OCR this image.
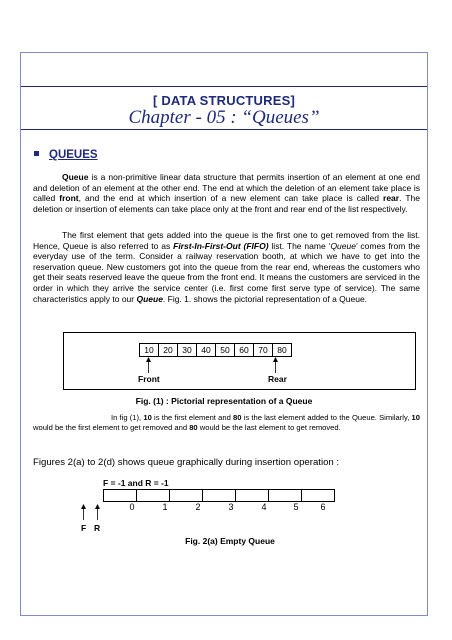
[ DATA STRUCTURES]
Chapter - 05 : “Queues”
QUEUES
Queue is a non-primitive linear data structure that permits insertion of an element at one end and deletion of an element at the other end. The end at which the deletion of an element take place is called front, and the end at which insertion of a new element can take place is called rear. The deletion or insertion of elements can take place only at the front and rear end of the list respectively.
The first element that gets added into the queue is the first one to get removed from the list. Hence, Queue is also referred to as First-In-First-Out (FIFO) list. The name ‘Queue’ comes from the everyday use of the term. Consider a railway reservation booth, at which we have to get into the reservation queue. New customers got into the queue from the rear end, whereas the customers who get their seats reserved leave the queue from the front end. It means the customers are serviced in the order in which they arrive the service center (i.e. first come first serve type of service). The same characteristics apply to our Queue. Fig. 1. shows the pictorial representation of a Queue.
10	20	30	40	50	60	70	80
Front	Rear
Fig. (1) : Pictorial representation of a Queue
In fig (1), 10 is the first element and 80 is the last element added to the Queue. Similarly, 10 would be the first element to get removed and 80 would be the last element to get removed.
Figures 2(a) to 2(d) shows queue graphically during insertion operation :
F = -1 and R = -1
0	1	2	3	4	5 6
F R
Fig. 2(a) Empty Queue
